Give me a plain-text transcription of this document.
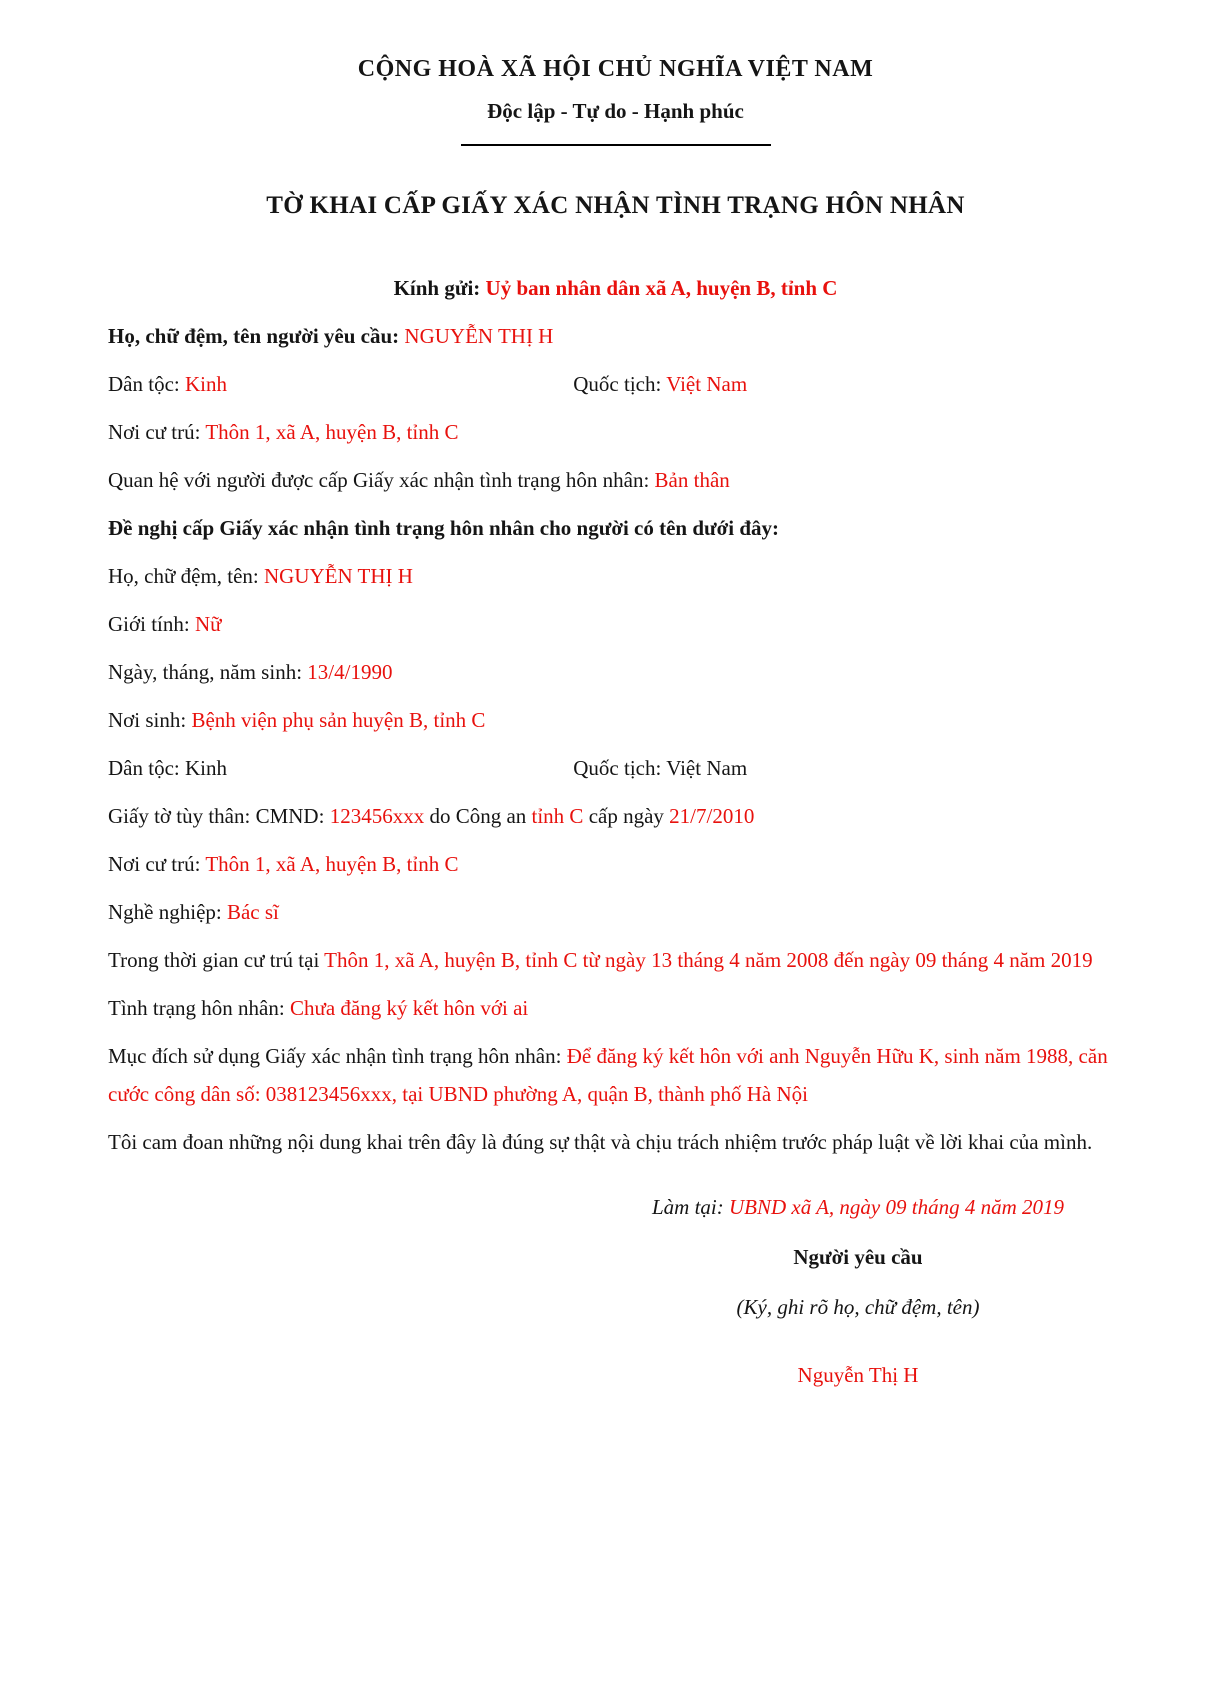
CỘNG HOÀ XÃ HỘI CHỦ NGHĨA VIỆT NAM
Độc lập - Tự do - Hạnh phúc
TỜ KHAI CẤP GIẤY XÁC NHẬN TÌNH TRẠNG HÔN NHÂN
Kính gửi: Uỷ ban nhân dân xã A, huyện B, tỉnh C
Họ, chữ đệm, tên người yêu cầu: NGUYỄN THỊ H
Dân tộc: Kinh	Quốc tịch: Việt Nam
Nơi cư trú: Thôn 1, xã A, huyện B, tỉnh C
Quan hệ với người được cấp Giấy xác nhận tình trạng hôn nhân: Bản thân
Đề nghị cấp Giấy xác nhận tình trạng hôn nhân cho người có tên dưới đây:
Họ, chữ đệm, tên: NGUYỄN THỊ H
Giới tính: Nữ
Ngày, tháng, năm sinh: 13/4/1990
Nơi sinh: Bệnh viện phụ sản huyện B, tỉnh C
Dân tộc: Kinh	Quốc tịch: Việt Nam
Giấy tờ tùy thân: CMND: 123456xxx do Công an tỉnh C cấp ngày 21/7/2010
Nơi cư trú: Thôn 1, xã A, huyện B, tỉnh C
Nghề nghiệp: Bác sĩ
Trong thời gian cư trú tại Thôn 1, xã A, huyện B, tỉnh C từ ngày 13 tháng 4 năm 2008 đến ngày 09 tháng 4 năm 2019
Tình trạng hôn nhân: Chưa đăng ký kết hôn với ai
Mục đích sử dụng Giấy xác nhận tình trạng hôn nhân: Để đăng ký kết hôn với anh Nguyễn Hữu K, sinh năm 1988, căn cước công dân số: 038123456xxx, tại UBND phường A, quận B, thành phố Hà Nội
Tôi cam đoan những nội dung khai trên đây là đúng sự thật và chịu trách nhiệm trước pháp luật về lời khai của mình.
Làm tại: UBND xã A, ngày 09 tháng 4 năm 2019
Người yêu cầu
(Ký, ghi rõ họ, chữ đệm, tên)
Nguyễn Thị H
